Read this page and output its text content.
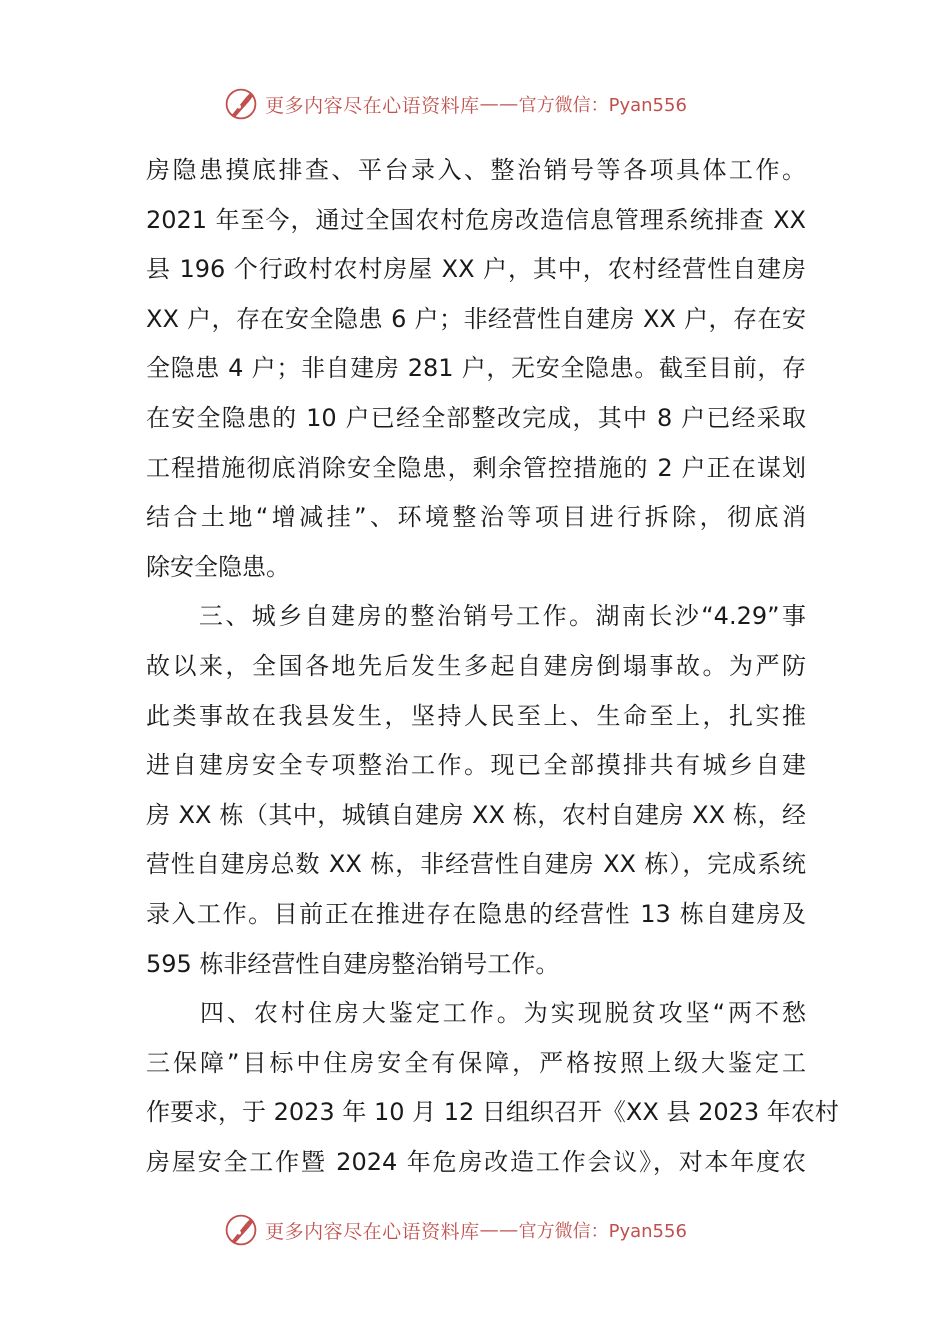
更多内容尽在心语资料库 —— 官方微信：Pyan556
房隐患摸底排查、平台录入、整治销号等各项具体工作。
2021 年至今，通过全国农村危房改造信息管理系统排查 XX
县 196 个行政村农村房屋 XX 户，其中，农村经营性自建房
XX 户，存在安全隐患 6 户；非经营性自建房 XX 户，存在安
全隐患 4 户；非自建房 281 户，无安全隐患。截至目前，存
在安全隐患的 10 户已经全部整改完成，其中 8 户已经采取
工程措施彻底消除安全隐患，剩余管控措施的 2 户正在谋划
结合土地“增减挂”、环境整治等项目进行拆除，彻底消
除安全隐患。
　　三、城乡自建房的整治销号工作。湖南长沙“4.29”事
故以来，全国各地先后发生多起自建房倒塌事故。为严防
此类事故在我县发生，坚持人民至上、生命至上，扎实推
进自建房安全专项整治工作。现已全部摸排共有城乡自建
房 XX 栋（其中，城镇自建房 XX 栋，农村自建房 XX 栋，经
营性自建房总数 XX 栋，非经营性自建房 XX 栋），完成系统
录入工作。目前正在推进存在隐患的经营性 13 栋自建房及
595 栋非经营性自建房整治销号工作。
　　四、农村住房大鉴定工作。为实现脱贫攻坚“两不愁
三保障”目标中住房安全有保障，严格按照上级大鉴定工
作要求，于 2023 年 10 月 12 日组织召开《XX 县 2023 年农村
房屋安全工作暨 2024 年危房改造工作会议》，对本年度农
更多内容尽在心语资料库 —— 官方微信：Pyan556
